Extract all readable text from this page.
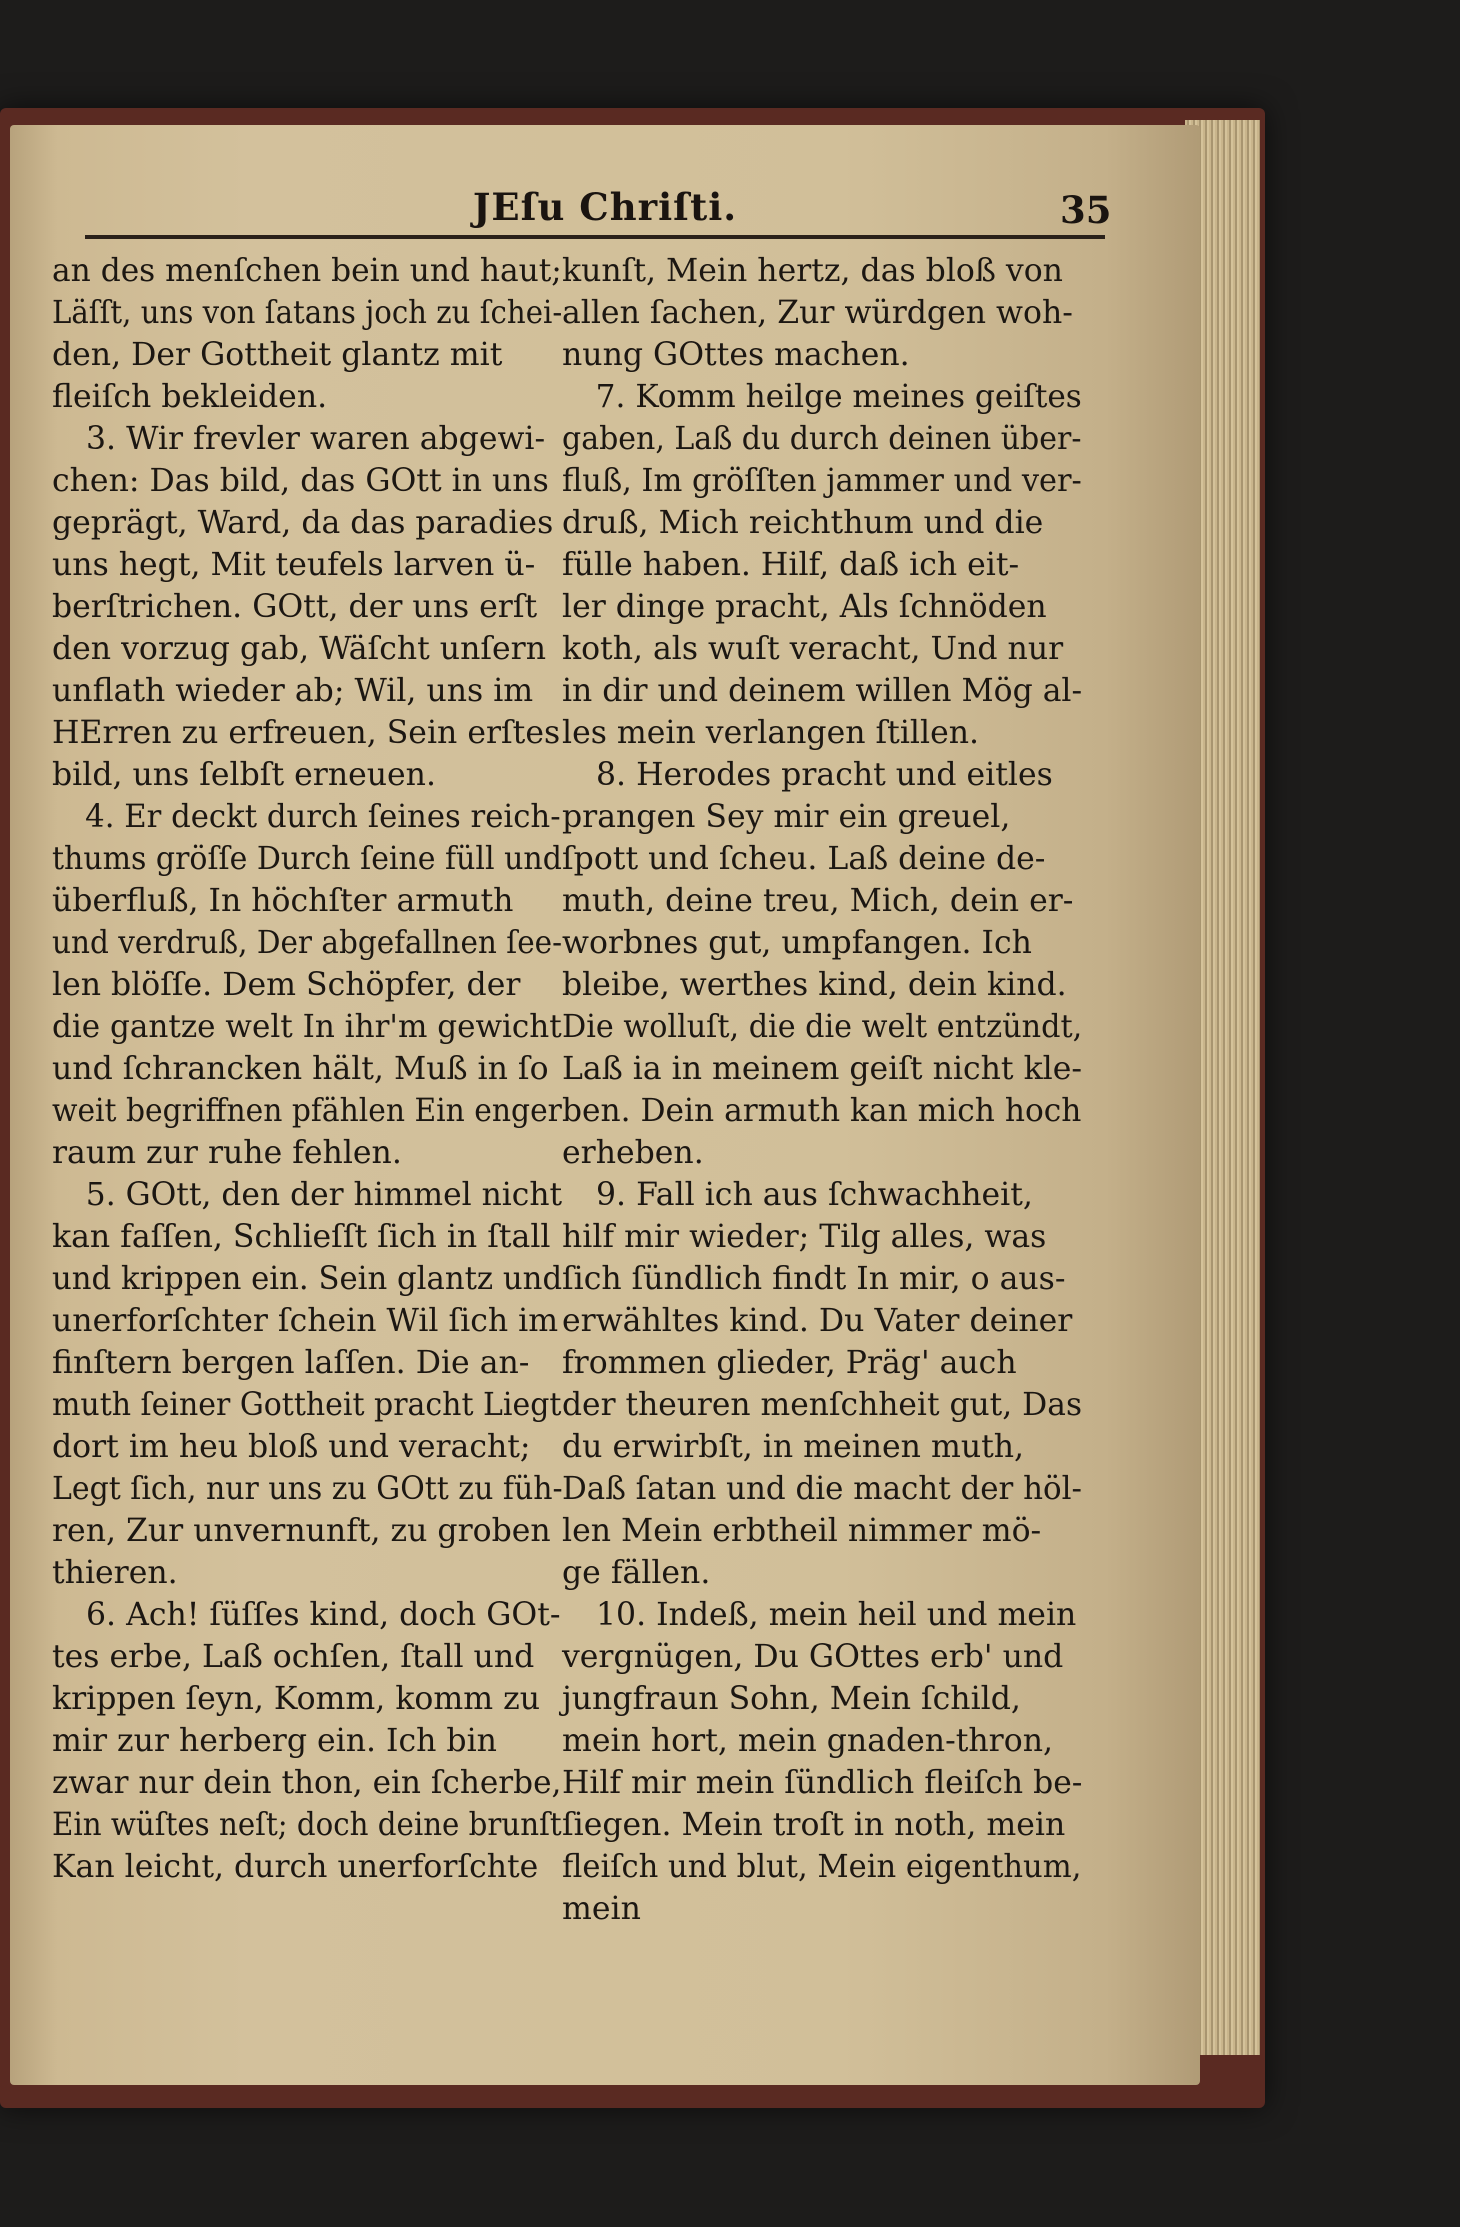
JEſu Chriſti.	35
an des menſchen bein und haut;
Läſſt, uns von ſatans joch zu ſchei-
den, Der Gottheit glantz mit
fleiſch bekleiden.
3. Wir frevler waren abgewi-
chen: Das bild, das GOtt in uns
geprägt, Ward, da das paradies
uns hegt, Mit teufels larven ü-
berſtrichen. GOtt, der uns erſt
den vorzug gab, Wäſcht unſern
unflath wieder ab; Wil, uns im
HErren zu erfreuen, Sein erſtes
bild, uns ſelbſt erneuen.
4. Er deckt durch ſeines reich-
thums gröſſe Durch ſeine füll und
überfluß, In höchſter armuth
und verdruß, Der abgefallnen ſee-
len blöſſe. Dem Schöpfer, der
die gantze welt In ihr'm gewicht
und ſchrancken hält, Muß in ſo
weit begriffnen pfählen Ein enger
raum zur ruhe fehlen.
5. GOtt, den der himmel nicht
kan faſſen, Schlieſſt ſich in ſtall
und krippen ein. Sein glantz und
unerforſchter ſchein Wil ſich im
finſtern bergen laſſen. Die an-
muth ſeiner Gottheit pracht Liegt
dort im heu bloß und veracht;
Legt ſich, nur uns zu GOtt zu füh-
ren, Zur unvernunft, zu groben
thieren.
6. Ach! ſüſſes kind, doch GOt-
tes erbe, Laß ochſen, ſtall und
krippen ſeyn, Komm, komm zu
mir zur herberg ein. Ich bin
zwar nur dein thon, ein ſcherbe,
Ein wüſtes neſt; doch deine brunſt
Kan leicht, durch unerforſchte
kunſt, Mein hertz, das bloß von
allen ſachen, Zur würdgen woh-
nung GOttes machen.
7. Komm heilge meines geiſtes
gaben, Laß du durch deinen über-
fluß, Im gröſſten jammer und ver-
druß, Mich reichthum und die
fülle haben. Hilf, daß ich eit-
ler dinge pracht, Als ſchnöden
koth, als wuſt veracht, Und nur
in dir und deinem willen Mög al-
les mein verlangen ſtillen.
8. Herodes pracht und eitles
prangen Sey mir ein greuel,
ſpott und ſcheu. Laß deine de-
muth, deine treu, Mich, dein er-
worbnes gut, umpfangen. Ich
bleibe, werthes kind, dein kind.
Die wolluſt, die die welt entzündt,
Laß ia in meinem geiſt nicht kle-
ben. Dein armuth kan mich hoch
erheben.
9. Fall ich aus ſchwachheit,
hilf mir wieder; Tilg alles, was
ſich ſündlich findt In mir, o aus-
erwähltes kind. Du Vater deiner
frommen glieder, Präg' auch
der theuren menſchheit gut, Das
du erwirbſt, in meinen muth,
Daß ſatan und die macht der höl-
len Mein erbtheil nimmer mö-
ge fällen.
10. Indeß, mein heil und mein
vergnügen, Du GOttes erb' und
jungfraun Sohn, Mein ſchild,
mein hort, mein gnaden-thron,
Hilf mir mein ſündlich fleiſch be-
ſiegen. Mein troſt in noth, mein
fleiſch und blut, Mein eigenthum,
mein
